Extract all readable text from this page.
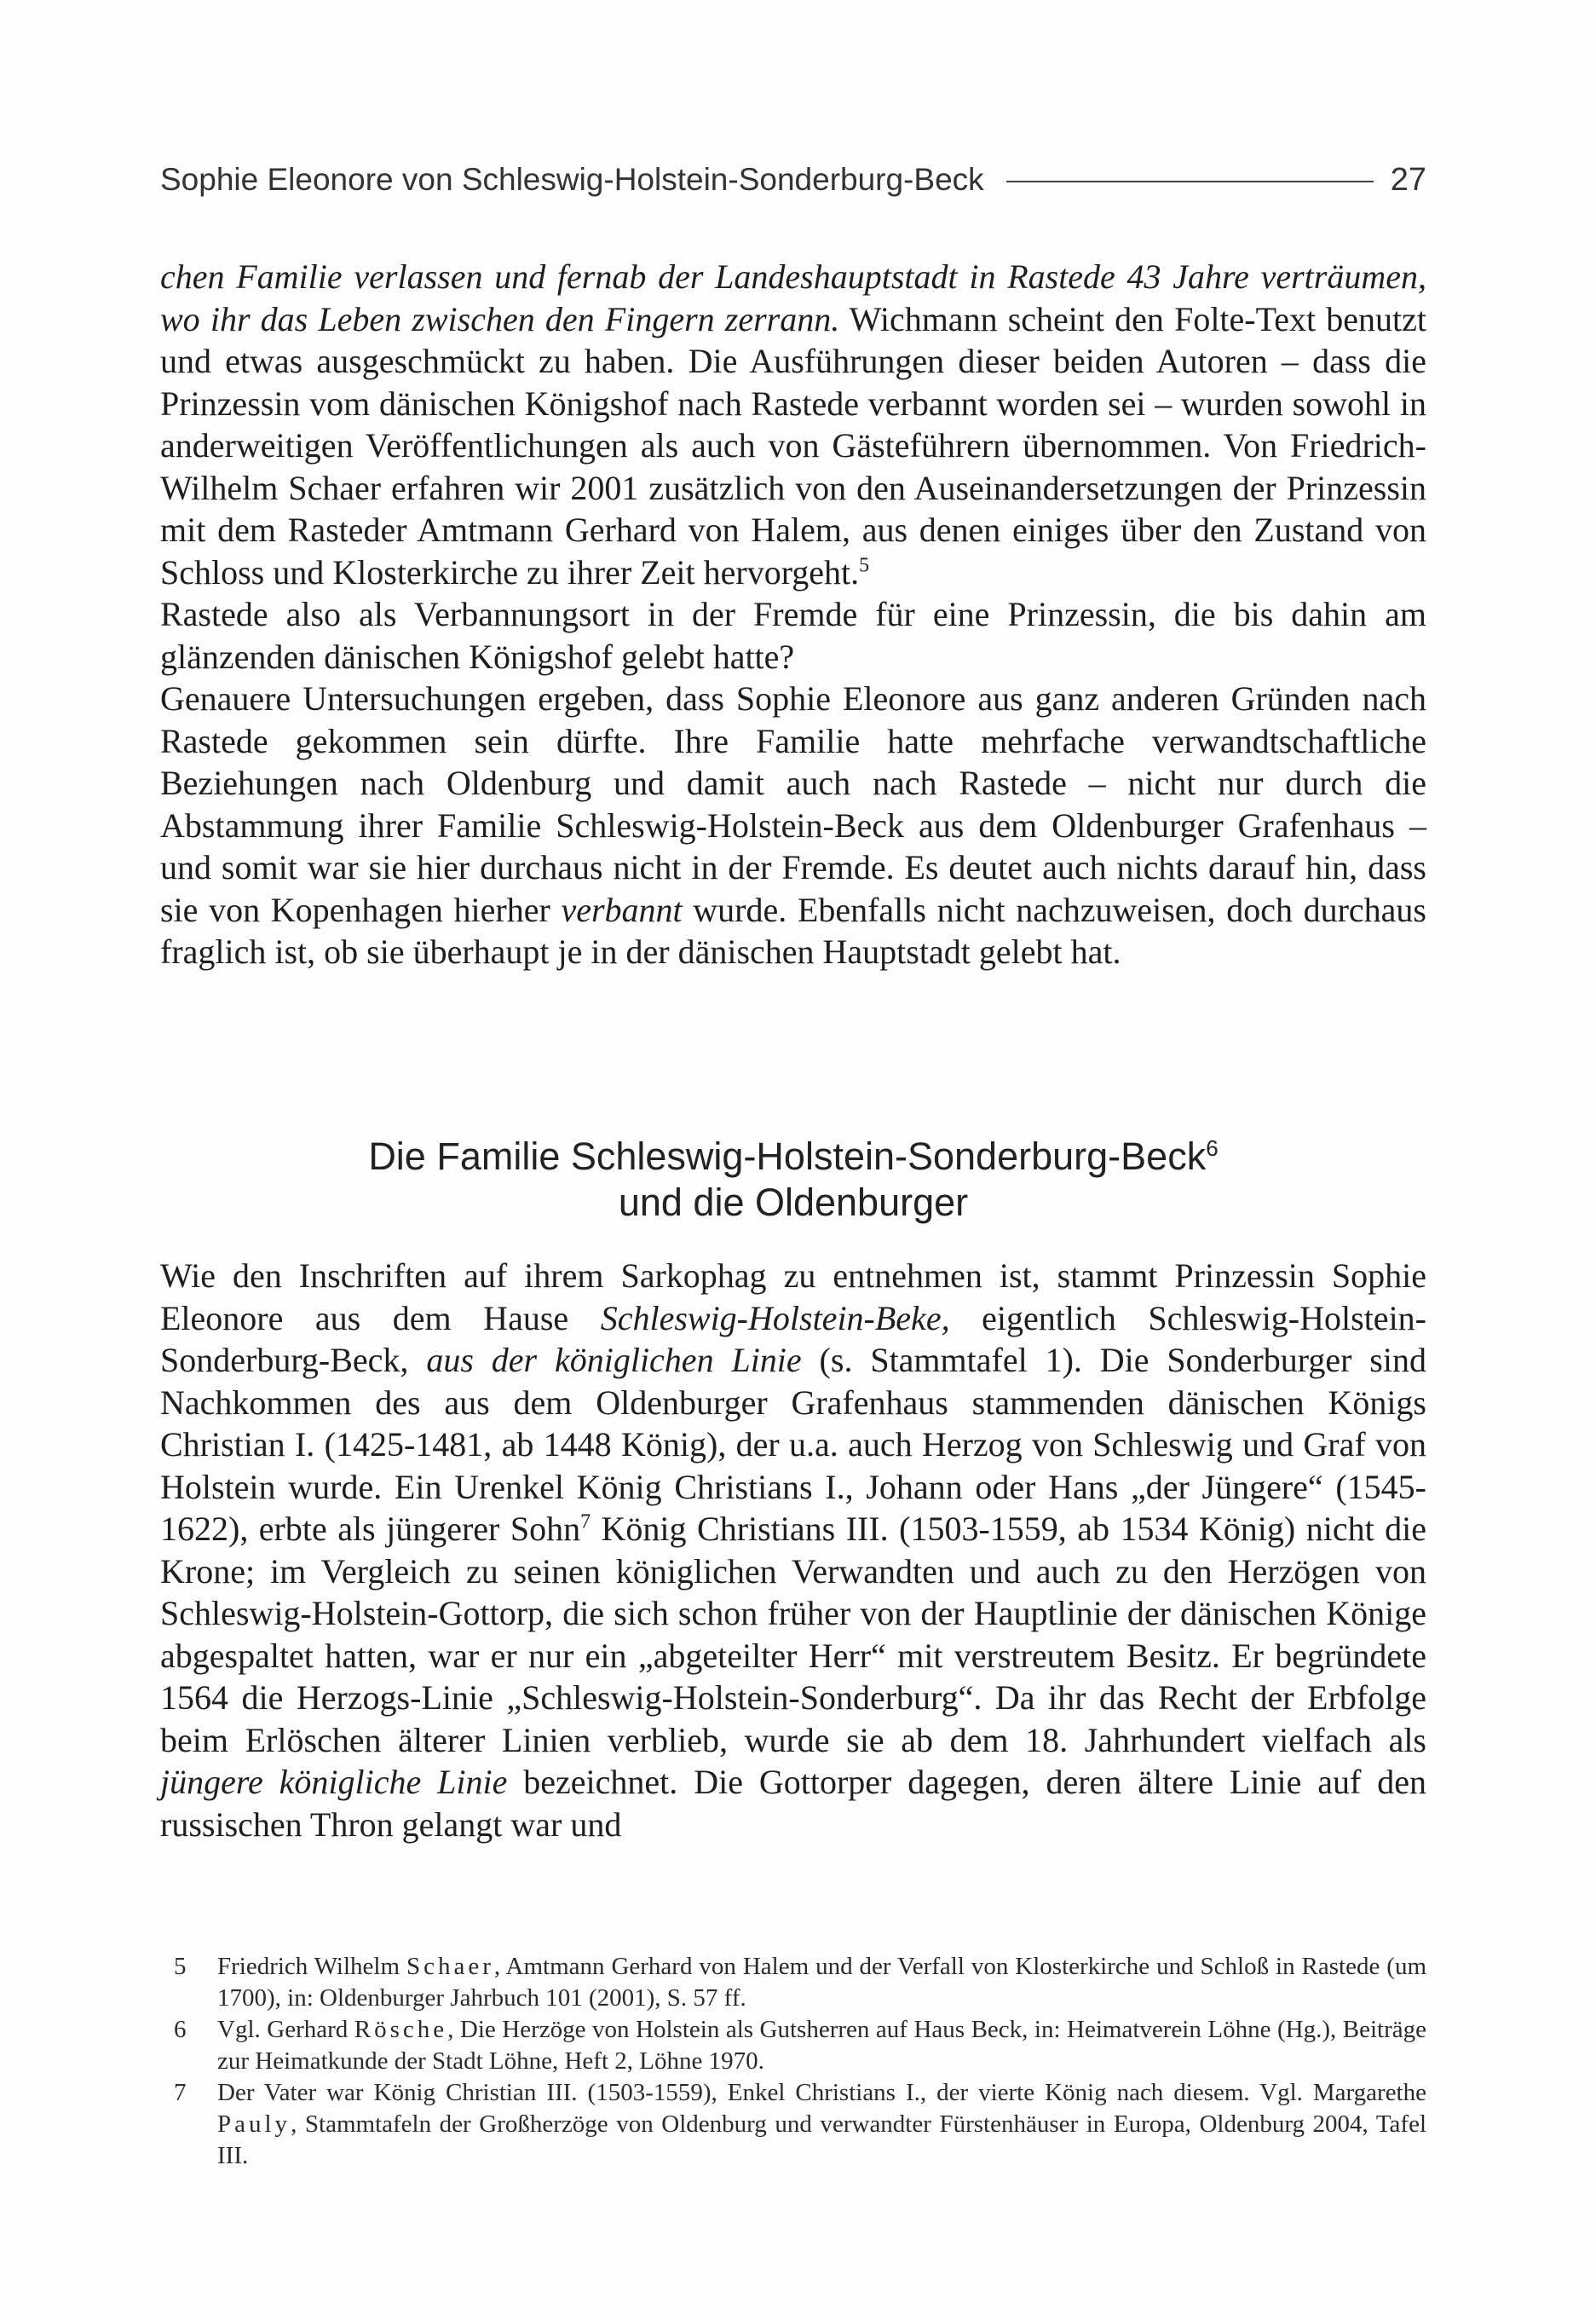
Sophie Eleonore von Schleswig-Holstein-Sonderburg-Beck	27

chen Familie verlassen und fernab der Landeshauptstadt in Rastede 43 Jahre verträumen, wo ihr das Leben zwischen den Fingern zerrann. Wichmann scheint den Folte-Text benutzt und etwas ausgeschmückt zu haben. Die Ausführungen dieser beiden Autoren – dass die Prinzessin vom dänischen Königshof nach Rastede verbannt worden sei – wurden sowohl in anderweitigen Veröffentlichungen als auch von Gästeführern übernommen. Von Friedrich-Wilhelm Schaer erfahren wir 2001 zusätzlich von den Auseinandersetzungen der Prinzessin mit dem Rasteder Amtmann Gerhard von Halem, aus denen einiges über den Zustand von Schloss und Klosterkirche zu ihrer Zeit hervorgeht.$^5$

Rastede also als Verbannungsort in der Fremde für eine Prinzessin, die bis dahin am glänzenden dänischen Königshof gelebt hatte?

Genauere Untersuchungen ergeben, dass Sophie Eleonore aus ganz anderen Gründen nach Rastede gekommen sein dürfte. Ihre Familie hatte mehrfache verwandtschaftliche Beziehungen nach Oldenburg und damit auch nach Rastede – nicht nur durch die Abstammung ihrer Familie Schleswig-Holstein-Beck aus dem Oldenburger Grafenhaus – und somit war sie hier durchaus nicht in der Fremde. Es deutet auch nichts darauf hin, dass sie von Kopenhagen hierher verbannt wurde. Ebenfalls nicht nachzuweisen, doch durchaus fraglich ist, ob sie überhaupt je in der dänischen Hauptstadt gelebt hat.

Die Familie Schleswig-Holstein-Sonderburg-Beck$^6$
und die Oldenburger

Wie den Inschriften auf ihrem Sarkophag zu entnehmen ist, stammt Prinzessin Sophie Eleonore aus dem Hause Schleswig-Holstein-Beke, eigentlich Schleswig-Holstein-Sonderburg-Beck, aus der königlichen Linie (s. Stammtafel 1). Die Sonderburger sind Nachkommen des aus dem Oldenburger Grafenhaus stammenden dänischen Königs Christian I. (1425-1481, ab 1448 König), der u.a. auch Herzog von Schleswig und Graf von Holstein wurde. Ein Urenkel König Christians I., Johann oder Hans „der Jüngere“ (1545-1622), erbte als jüngerer Sohn$^7$ König Christians III. (1503-1559, ab 1534 König) nicht die Krone; im Vergleich zu seinen königlichen Verwandten und auch zu den Herzögen von Schleswig-Holstein-Gottorp, die sich schon früher von der Hauptlinie der dänischen Könige abgespaltet hatten, war er nur ein „abgeteilter Herr“ mit verstreutem Besitz. Er begründete 1564 die Herzogs-Linie „Schleswig-Holstein-Sonderburg“. Da ihr das Recht der Erbfolge beim Erlöschen älterer Linien verblieb, wurde sie ab dem 18. Jahrhundert vielfach als jüngere königliche Linie bezeichnet. Die Gottorper dagegen, deren ältere Linie auf den russischen Thron gelangt war und

5	Friedrich Wilhelm Schaer, Amtmann Gerhard von Halem und der Verfall von Klosterkirche und Schloß in Rastede (um 1700), in: Oldenburger Jahrbuch 101 (2001), S. 57 ff.
6	Vgl. Gerhard Rösche, Die Herzöge von Holstein als Gutsherren auf Haus Beck, in: Heimatverein Löhne (Hg.), Beiträge zur Heimatkunde der Stadt Löhne, Heft 2, Löhne 1970.
7	Der Vater war König Christian III. (1503-1559), Enkel Christians I., der vierte König nach diesem. Vgl. Margarethe Pauly, Stammtafeln der Großherzöge von Oldenburg und verwandter Fürstenhäuser in Europa, Oldenburg 2004, Tafel III.
